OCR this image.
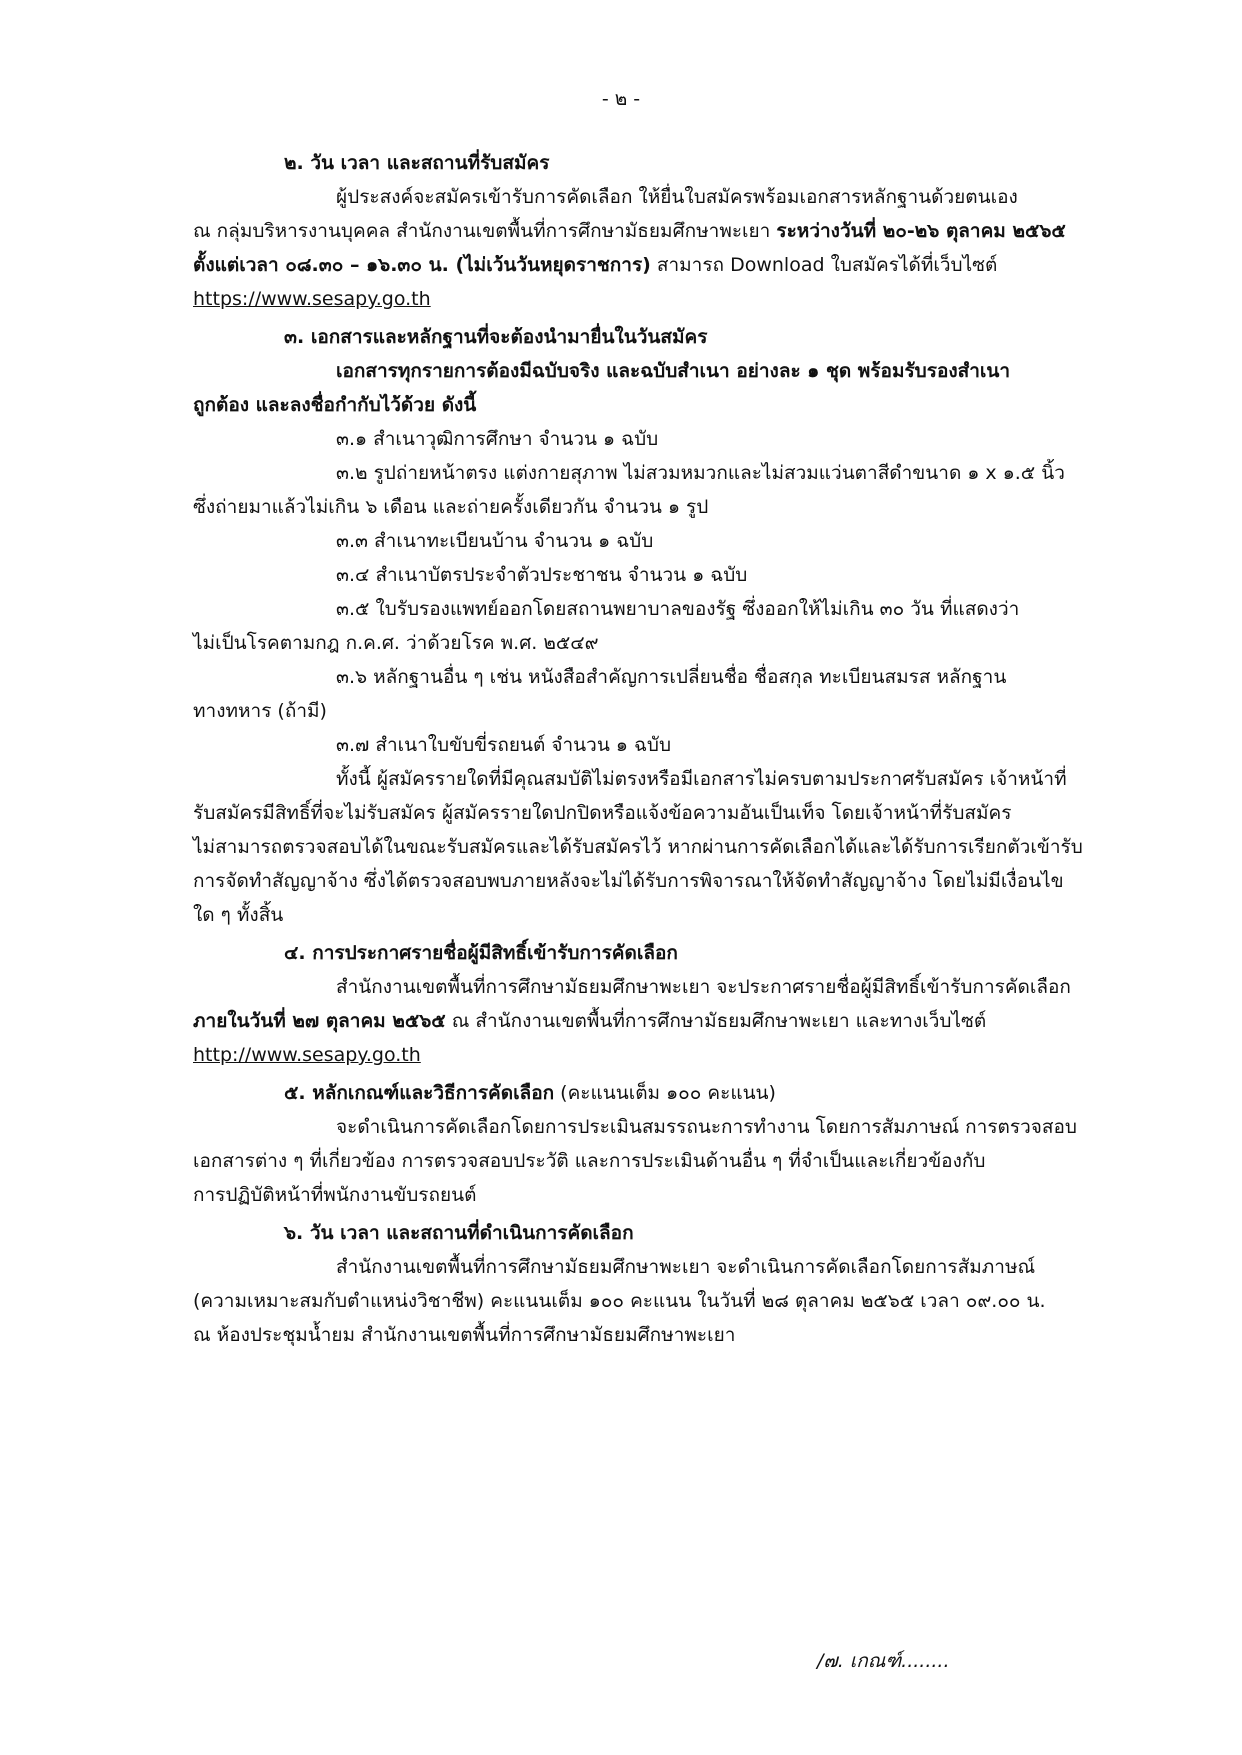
- ๒ -
๒. วัน เวลา และสถานที่รับสมัคร
ผู้ประสงค์จะสมัครเข้ารับการคัดเลือก ให้ยื่นใบสมัครพร้อมเอกสารหลักฐานด้วยตนเอง
ณ กลุ่มบริหารงานบุคคล สำนักงานเขตพื้นที่การศึกษามัธยมศึกษาพะเยา ระหว่างวันที่ ๒๐-๒๖ ตุลาคม ๒๕๖๕
ตั้งแต่เวลา ๐๘.๓๐ – ๑๖.๓๐ น. (ไม่เว้นวันหยุดราชการ) สามารถ Download ใบสมัครได้ที่เว็บไซต์
https://www.sesapy.go.th
๓. เอกสารและหลักฐานที่จะต้องนำมายื่นในวันสมัคร
เอกสารทุกรายการต้องมีฉบับจริง และฉบับสำเนา อย่างละ ๑ ชุด พร้อมรับรองสำเนา
ถูกต้อง และลงชื่อกำกับไว้ด้วย ดังนี้
๓.๑ สำเนาวุฒิการศึกษา จำนวน ๑ ฉบับ
๓.๒ รูปถ่ายหน้าตรง แต่งกายสุภาพ ไม่สวมหมวกและไม่สวมแว่นตาสีดำขนาด ๑ x ๑.๕ นิ้ว
ซึ่งถ่ายมาแล้วไม่เกิน ๖ เดือน และถ่ายครั้งเดียวกัน จำนวน ๑ รูป
๓.๓ สำเนาทะเบียนบ้าน จำนวน ๑ ฉบับ
๓.๔ สำเนาบัตรประจำตัวประชาชน จำนวน ๑ ฉบับ
๓.๕ ใบรับรองแพทย์ออกโดยสถานพยาบาลของรัฐ ซึ่งออกให้ไม่เกิน ๓๐ วัน ที่แสดงว่า
ไม่เป็นโรคตามกฎ ก.ค.ศ. ว่าด้วยโรค พ.ศ. ๒๕๔๙
๓.๖ หลักฐานอื่น ๆ เช่น หนังสือสำคัญการเปลี่ยนชื่อ ชื่อสกุล ทะเบียนสมรส หลักฐาน
ทางทหาร (ถ้ามี)
๓.๗ สำเนาใบขับขี่รถยนต์ จำนวน ๑ ฉบับ
ทั้งนี้ ผู้สมัครรายใดที่มีคุณสมบัติไม่ตรงหรือมีเอกสารไม่ครบตามประกาศรับสมัคร เจ้าหน้าที่
รับสมัครมีสิทธิ์ที่จะไม่รับสมัคร ผู้สมัครรายใดปกปิดหรือแจ้งข้อความอันเป็นเท็จ โดยเจ้าหน้าที่รับสมัคร
ไม่สามารถตรวจสอบได้ในขณะรับสมัครและได้รับสมัครไว้ หากผ่านการคัดเลือกได้และได้รับการเรียกตัวเข้ารับ
การจัดทำสัญญาจ้าง ซึ่งได้ตรวจสอบพบภายหลังจะไม่ได้รับการพิจารณาให้จัดทำสัญญาจ้าง โดยไม่มีเงื่อนไข
ใด ๆ ทั้งสิ้น
๔. การประกาศรายชื่อผู้มีสิทธิ์เข้ารับการคัดเลือก
สำนักงานเขตพื้นที่การศึกษามัธยมศึกษาพะเยา จะประกาศรายชื่อผู้มีสิทธิ์เข้ารับการคัดเลือก
ภายในวันที่ ๒๗ ตุลาคม ๒๕๖๕ ณ สำนักงานเขตพื้นที่การศึกษามัธยมศึกษาพะเยา และทางเว็บไซต์
http://www.sesapy.go.th
๕. หลักเกณฑ์และวิธีการคัดเลือก (คะแนนเต็ม ๑๐๐ คะแนน)
จะดำเนินการคัดเลือกโดยการประเมินสมรรถนะการทำงาน โดยการสัมภาษณ์ การตรวจสอบ
เอกสารต่าง ๆ ที่เกี่ยวข้อง การตรวจสอบประวัติ และการประเมินด้านอื่น ๆ ที่จำเป็นและเกี่ยวข้องกับ
การปฏิบัติหน้าที่พนักงานขับรถยนต์
๖. วัน เวลา และสถานที่ดำเนินการคัดเลือก
สำนักงานเขตพื้นที่การศึกษามัธยมศึกษาพะเยา จะดำเนินการคัดเลือกโดยการสัมภาษณ์
(ความเหมาะสมกับตำแหน่งวิชาชีพ) คะแนนเต็ม ๑๐๐ คะแนน ในวันที่ ๒๘ ตุลาคม ๒๕๖๕ เวลา ๐๙.๐๐ น.
ณ ห้องประชุมน้ำยม สำนักงานเขตพื้นที่การศึกษามัธยมศึกษาพะเยา
/๗. เกณฑ์........
